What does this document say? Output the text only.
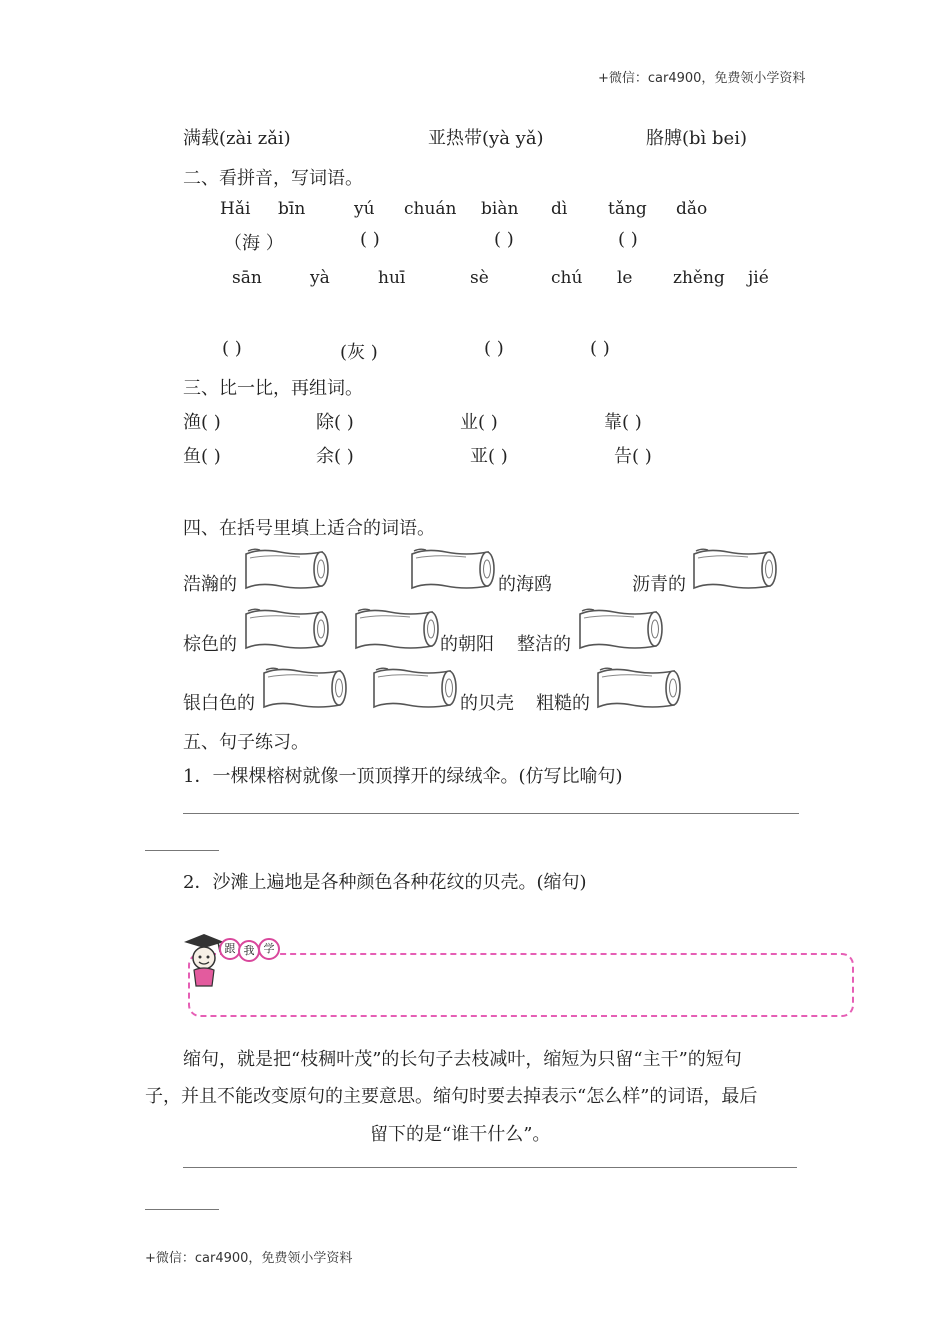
+微信：car4900，免费领小学资料
满载(zài zǎi)	亚热带(yà yǎ)	胳膊(bì bei)
二、看拼音，写词语。
Hǎi bīn	yú chuán biàn dì tǎng dǎo
（海 ）	( )	( )	( )
sān	yà	huī	sè	chú le zhěng jié
( )	(灰 )	( )	( )
三、比一比，再组词。
渔( )	除( )	业( )	靠( )
鱼( )	余( )	亚( )	告( )
四、在括号里填上适合的词语。
浩瀚的	的海鸥	沥青的
棕色的	的朝阳 整洁的
银白色的	的贝壳 粗糙的
五、句子练习。
1．一棵棵榕树就像一顶顶撑开的绿绒伞。(仿写比喻句)
2．沙滩上遍地是各种颜色各种花纹的贝壳。(缩句)
跟 我 学
缩句，就是把“枝稠叶茂”的长句子去枝减叶，缩短为只留“主干”的短句
子，并且不能改变原句的主要意思。缩句时要去掉表示“怎么样”的词语，最后
留下的是“谁干什么”。
+微信：car4900，免费领小学资料
